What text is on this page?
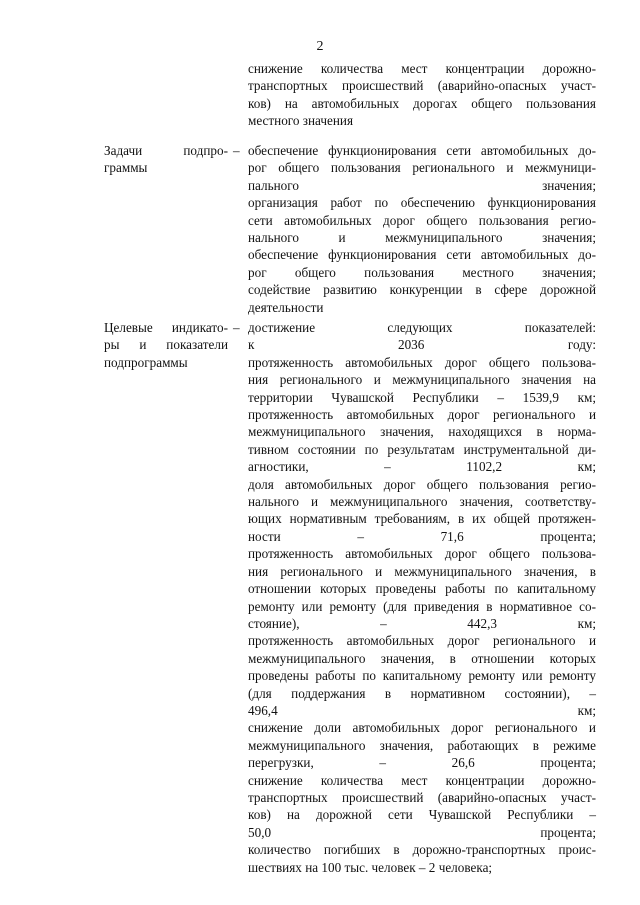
2
снижение количества мест концентрации дорожно-
транспортных происшествий (аварийно-опасных участ-
ков) на автомобильных дорогах общего пользования
местного значения
Задачи подпро-
граммы
– обеспечение функционирования сети автомобильных до-
рог общего пользования регионального и межмуници-
пального значения;
организация работ по обеспечению функционирования
сети автомобильных дорог общего пользования регио-
нального и межмуниципального значения;
обеспечение функционирования сети автомобильных до-
рог общего пользования местного значения;
содействие развитию конкуренции в сфере дорожной
деятельности
Целевые индикато-
ры и показатели
подпрограммы
– достижение следующих показателей:
к 2036 году:
протяженность автомобильных дорог общего пользова-
ния регионального и межмуниципального значения на
территории Чувашской Республики – 1539,9 км;
протяженность автомобильных дорог регионального и
межмуниципального значения, находящихся в норма-
тивном состоянии по результатам инструментальной ди-
агностики, – 1102,2 км;
доля автомобильных дорог общего пользования регио-
нального и межмуниципального значения, соответству-
ющих нормативным требованиям, в их общей протяжен-
ности – 71,6 процента;
протяженность автомобильных дорог общего пользова-
ния регионального и межмуниципального значения, в
отношении которых проведены работы по капитальному
ремонту или ремонту (для приведения в нормативное со-
стояние), – 442,3 км;
протяженность автомобильных дорог регионального и
межмуниципального значения, в отношении которых
проведены работы по капитальному ремонту или ремонту
(для поддержания в нормативном состоянии), –
496,4 км;
снижение доли автомобильных дорог регионального и
межмуниципального значения, работающих в режиме
перегрузки, – 26,6 процента;
снижение количества мест концентрации дорожно-
транспортных происшествий (аварийно-опасных участ-
ков) на дорожной сети Чувашской Республики –
50,0 процента;
количество погибших в дорожно-транспортных проис-
шествиях на 100 тыс. человек – 2 человека;
